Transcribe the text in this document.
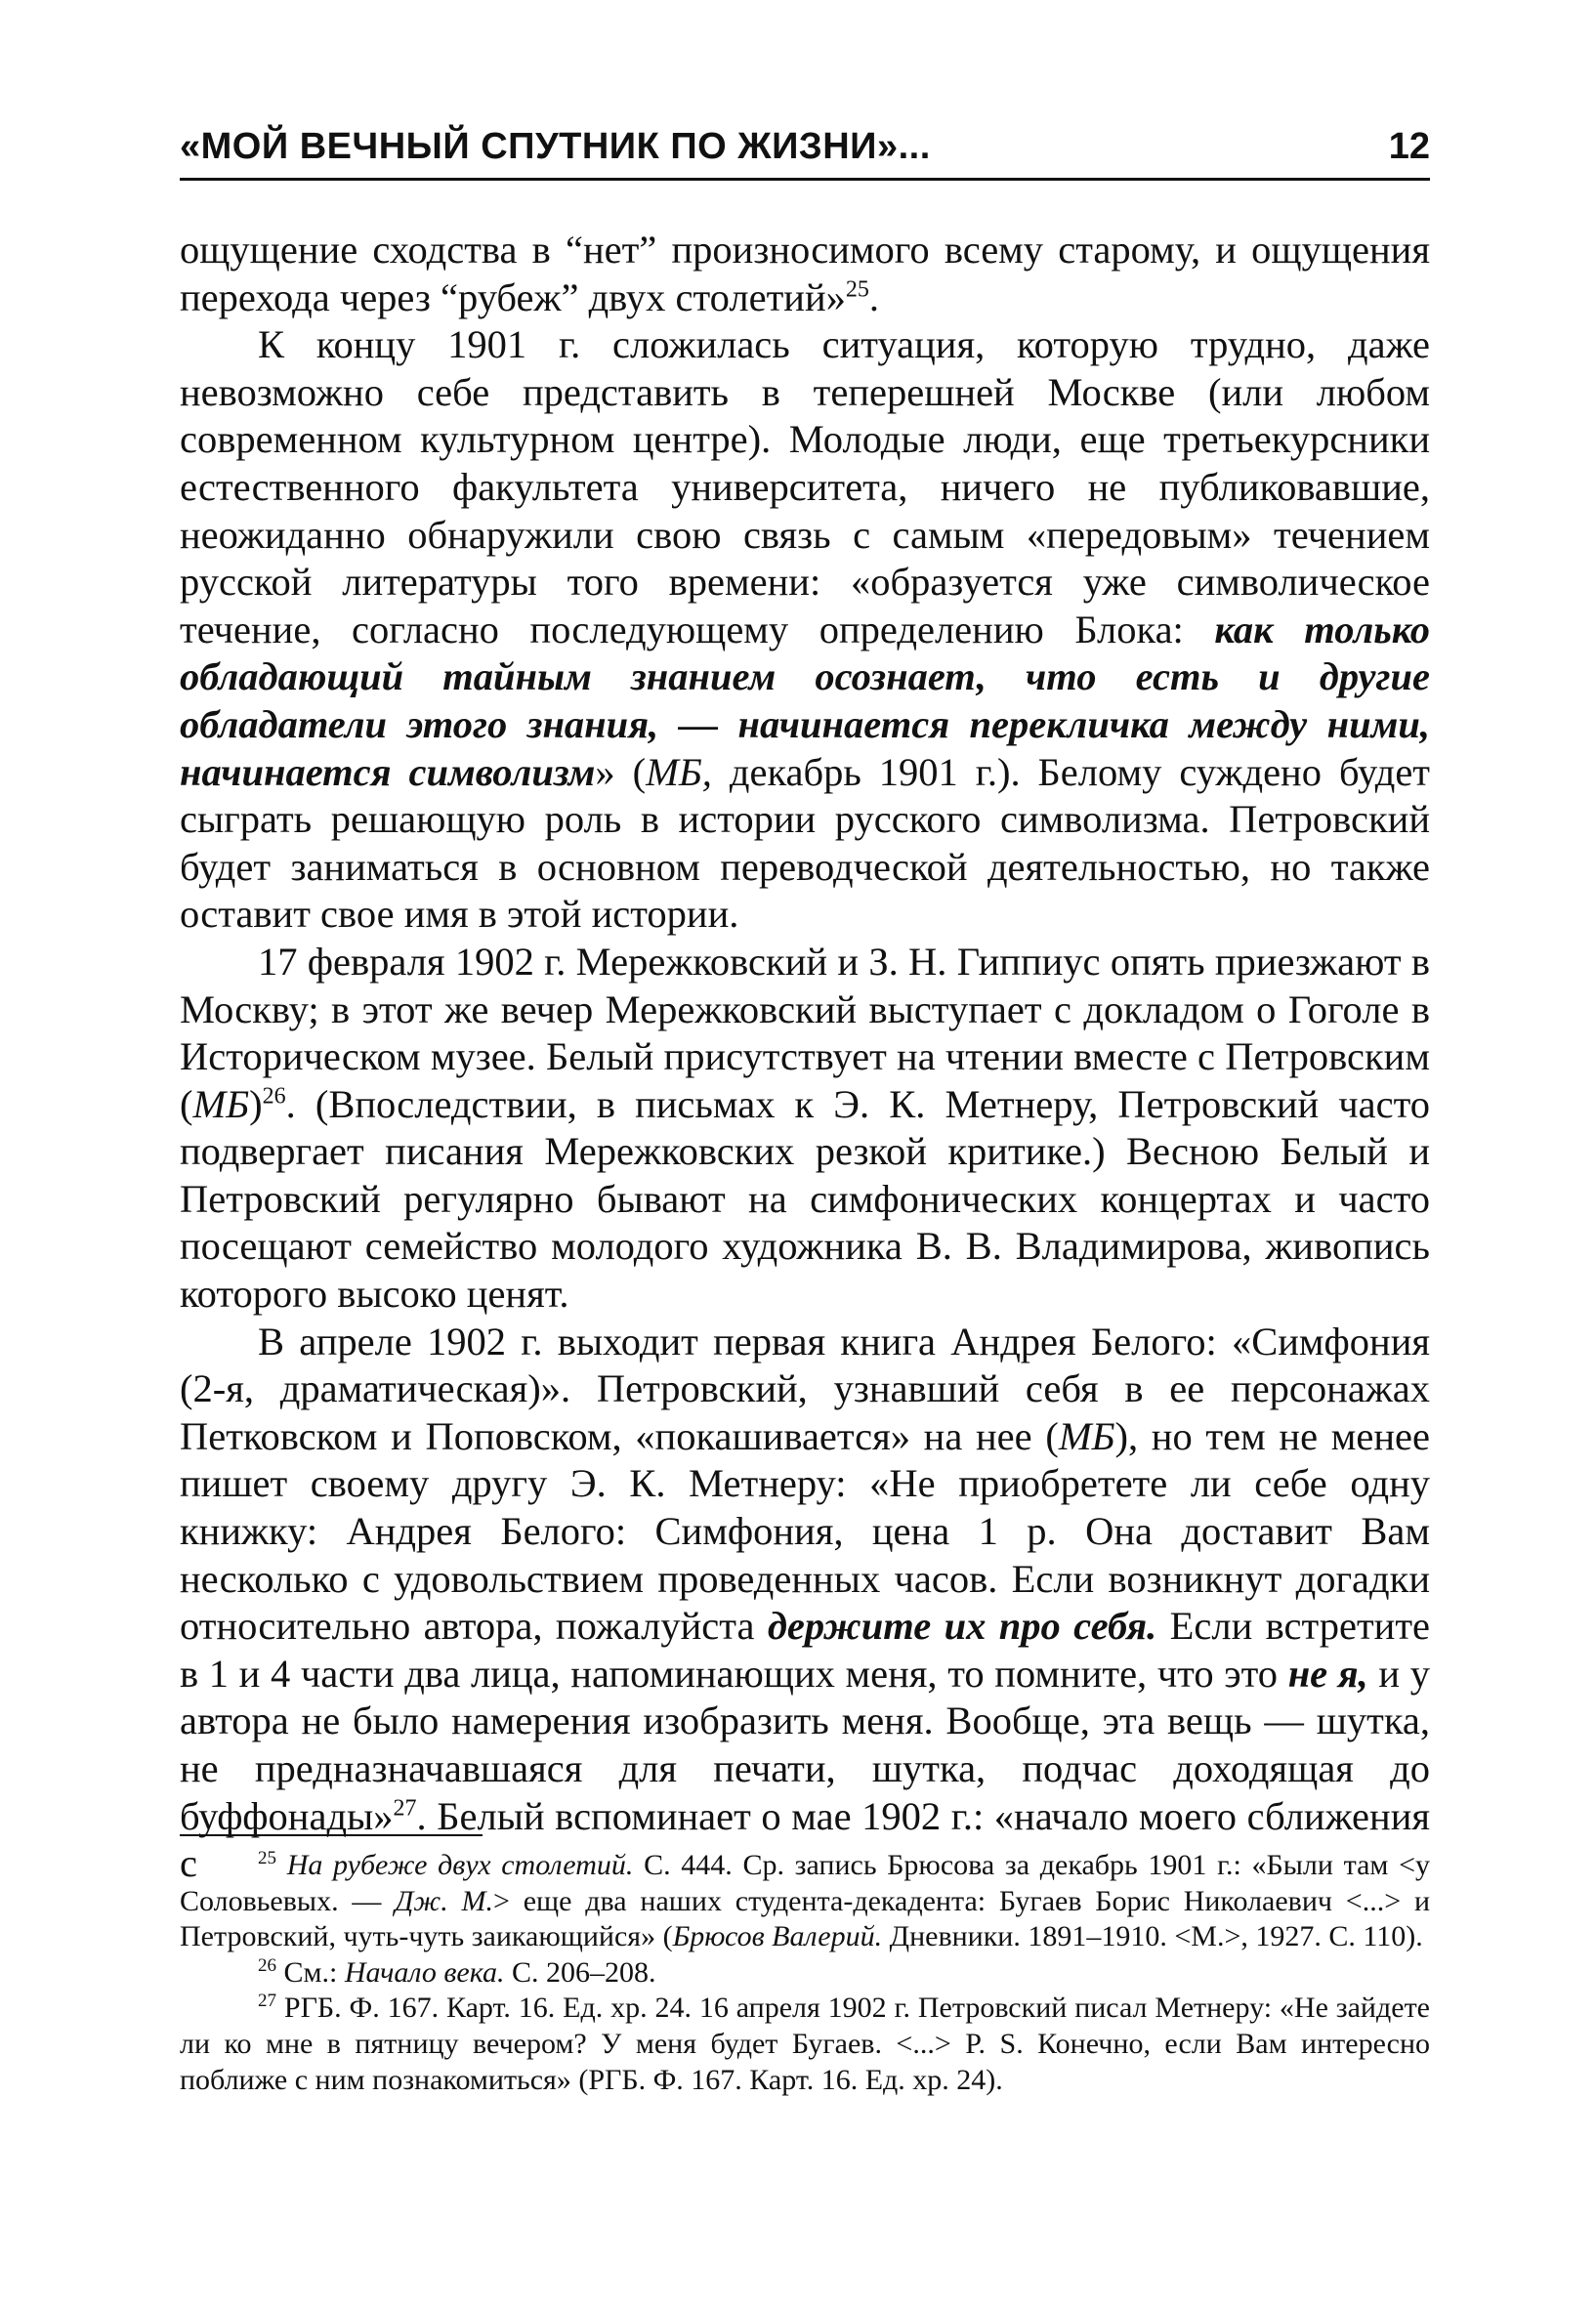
«МОЙ ВЕЧНЫЙ СПУТНИК ПО ЖИЗНИ»...	12

ощущение сходства в “нет” произносимого всему старому, и ощущения перехода через “рубеж” двух столетий»$^{25}$.

К концу 1901 г. сложилась ситуация, которую трудно, даже невозможно себе представить в теперешней Москве (или любом современном культурном центре). Молодые люди, еще третьекурсники естественного факультета университета, ничего не публиковавшие, неожиданно обнаружили свою связь с самым «передовым» течением русской литературы того времени: «образуется уже символическое течение, согласно последующему определению Блока: как только обладающий тайным знанием осознает, что есть и другие обладатели этого знания, — начинается перекличка между ними, начинается символизм» (МБ, декабрь 1901 г.). Белому суждено будет сыграть решающую роль в истории русского символизма. Петровский будет заниматься в основном переводческой деятельностью, но также оставит свое имя в этой истории.

17 февраля 1902 г. Мережковский и З. Н. Гиппиус опять приезжают в Москву; в этот же вечер Мережковский выступает с докладом о Гоголе в Историческом музее. Белый присутствует на чтении вместе с Петровским (МБ)$^{26}$. (Впоследствии, в письмах к Э. К. Метнеру, Петровский часто подвергает писания Мережковских резкой критике.) Весною Белый и Петровский регулярно бывают на симфонических концертах и часто посещают семейство молодого художника В. В. Владимирова, живопись которого высоко ценят.

В апреле 1902 г. выходит первая книга Андрея Белого: «Симфония (2-я, драматическая)». Петровский, узнавший себя в ее персонажах Петковском и Поповском, «покашивается» на нее (МБ), но тем не менее пишет своему другу Э. К. Метнеру: «Не приобретете ли себе одну книжку: Андрея Белого: Симфония, цена 1 р. Она доставит Вам несколько с удовольствием проведенных часов. Если возникнут догадки относительно автора, пожалуйста держите их про себя. Если встретите в 1 и 4 части два лица, напоминающих меня, то помните, что это не я, и у автора не было намерения изобразить меня. Вообще, эта вещь — шутка, не предназначавшаяся для печати, шутка, подчас доходящая до буффонады»$^{27}$. Белый вспоминает о мае 1902 г.: «начало моего сближения с	$^{25}$ На рубеже двух столетий. С. 444. Ср. запись Брюсова за декабрь 1901 г.: «Были там <у Соловьевых. — Дж. М.> еще два наших студента-декадента: Бугаев Борис Николаевич <...> и Петровский, чуть-чуть заикающийся» (Брюсов Валерий. Дневники. 1891–1910. <М.>, 1927. С. 110).

$^{26}$ См.: Начало века. С. 206–208.

$^{27}$ РГБ. Ф. 167. Карт. 16. Ед. хр. 24. 16 апреля 1902 г. Петровский писал Метнеру: «Не зайдете ли ко мне в пятницу вечером? У меня будет Бугаев. <...> P. S. Конечно, если Вам интересно поближе с ним познакомиться» (РГБ. Ф. 167. Карт. 16. Ед. хр. 24).
